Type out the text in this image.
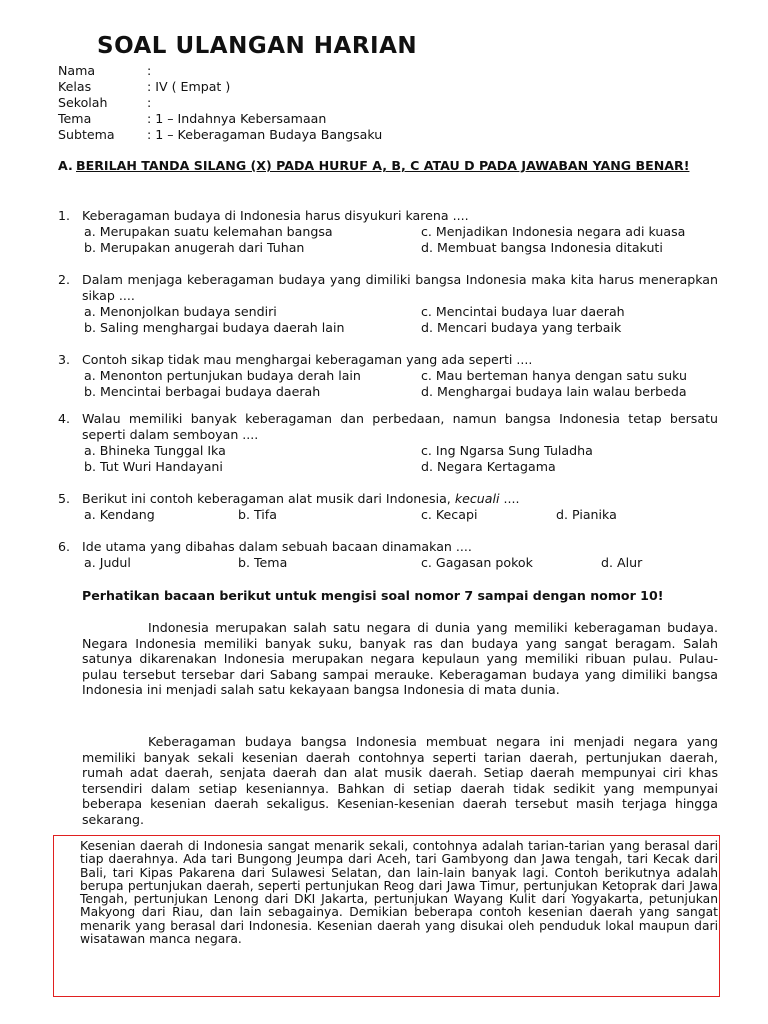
SOAL ULANGAN HARIAN
Nama	:
Kelas	: IV ( Empat )
Sekolah	:
Tema	: 1 – Indahnya Kebersamaan
Subtema	: 1 – Keberagaman Budaya Bangsaku
A. BERILAH TANDA SILANG (X) PADA HURUF A, B, C ATAU D PADA JAWABAN YANG BENAR!
1. Keberagaman budaya di Indonesia harus disyukuri karena ....
a. Merupakan suatu kelemahan bangsa	c. Menjadikan Indonesia negara adi kuasa
b. Merupakan anugerah dari Tuhan	d. Membuat bangsa Indonesia ditakuti
2. Dalam menjaga keberagaman budaya yang dimiliki bangsa Indonesia maka kita harus menerapkan sikap ....
a. Menonjolkan budaya sendiri	c. Mencintai budaya luar daerah
b. Saling menghargai budaya daerah lain	d. Mencari budaya yang terbaik
3. Contoh sikap tidak mau menghargai keberagaman yang ada seperti ....
a. Menonton pertunjukan budaya derah lain	c. Mau berteman hanya dengan satu suku
b. Mencintai berbagai budaya daerah	d. Menghargai budaya lain walau berbeda
4. Walau memiliki banyak keberagaman dan perbedaan, namun bangsa Indonesia tetap bersatu seperti dalam semboyan ....
a. Bhineka Tunggal Ika	c. Ing Ngarsa Sung Tuladha
b. Tut Wuri Handayani	d. Negara Kertagama
5. Berikut ini contoh keberagaman alat musik dari Indonesia, kecuali ....
a. Kendang	b. Tifa	c. Kecapi	d. Pianika
6. Ide utama yang dibahas dalam sebuah bacaan dinamakan ....
a. Judul	b. Tema	c. Gagasan pokok	d. Alur
Perhatikan bacaan berikut untuk mengisi soal nomor 7 sampai dengan nomor 10!
Indonesia merupakan salah satu negara di dunia yang memiliki keberagaman budaya. Negara Indonesia memiliki banyak suku, banyak ras dan budaya yang sangat beragam. Salah satunya dikarenakan Indonesia merupakan negara kepulaun yang memiliki ribuan pulau. Pulau-pulau tersebut tersebar dari Sabang sampai merauke. Keberagaman budaya yang dimiliki bangsa Indonesia ini menjadi salah satu kekayaan bangsa Indonesia di mata dunia.
Keberagaman budaya bangsa Indonesia membuat negara ini menjadi negara yang memiliki banyak sekali kesenian daerah contohnya seperti tarian daerah, pertunjukan daerah, rumah adat daerah, senjata daerah dan alat musik daerah. Setiap daerah mempunyai ciri khas tersendiri dalam setiap keseniannya. Bahkan di setiap daerah tidak sedikit yang mempunyai beberapa kesenian daerah sekaligus. Kesenian-kesenian daerah tersebut masih terjaga hingga sekarang.
Kesenian daerah di Indonesia sangat menarik sekali, contohnya adalah tarian-tarian yang berasal dari tiap daerahnya. Ada tari Bungong Jeumpa dari Aceh, tari Gambyong dan Jawa tengah, tari Kecak dari Bali, tari Kipas Pakarena dari Sulawesi Selatan, dan lain-lain banyak lagi. Contoh berikutnya adalah berupa pertunjukan daerah, seperti pertunjukan Reog dari Jawa Timur, pertunjukan Ketoprak dari Jawa Tengah, pertunjukan Lenong dari DKI Jakarta, pertunjukan Wayang Kulit dari Yogyakarta, petunjukan Makyong dari Riau, dan lain sebagainya. Demikian beberapa contoh kesenian daerah yang sangat menarik yang berasal dari Indonesia. Kesenian daerah yang disukai oleh penduduk lokal maupun dari wisatawan manca negara.
